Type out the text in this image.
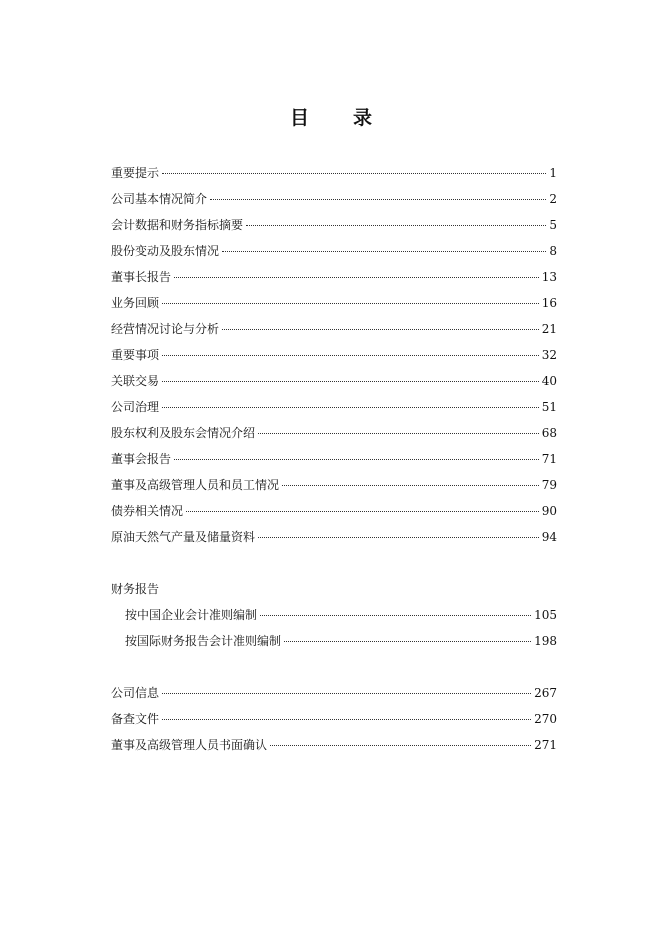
目 录
重要提示	1
公司基本情况简介	2
会计数据和财务指标摘要	5
股份变动及股东情况	8
董事长报告	13
业务回顾	16
经营情况讨论与分析	21
重要事项	32
关联交易	40
公司治理	51
股东权利及股东会情况介绍	68
董事会报告	71
董事及高级管理人员和员工情况	79
债券相关情况	90
原油天然气产量及储量资料	94
财务报告
按中国企业会计准则编制	105
按国际财务报告会计准则编制	198
公司信息	267
备查文件	270
董事及高级管理人员书面确认	271
